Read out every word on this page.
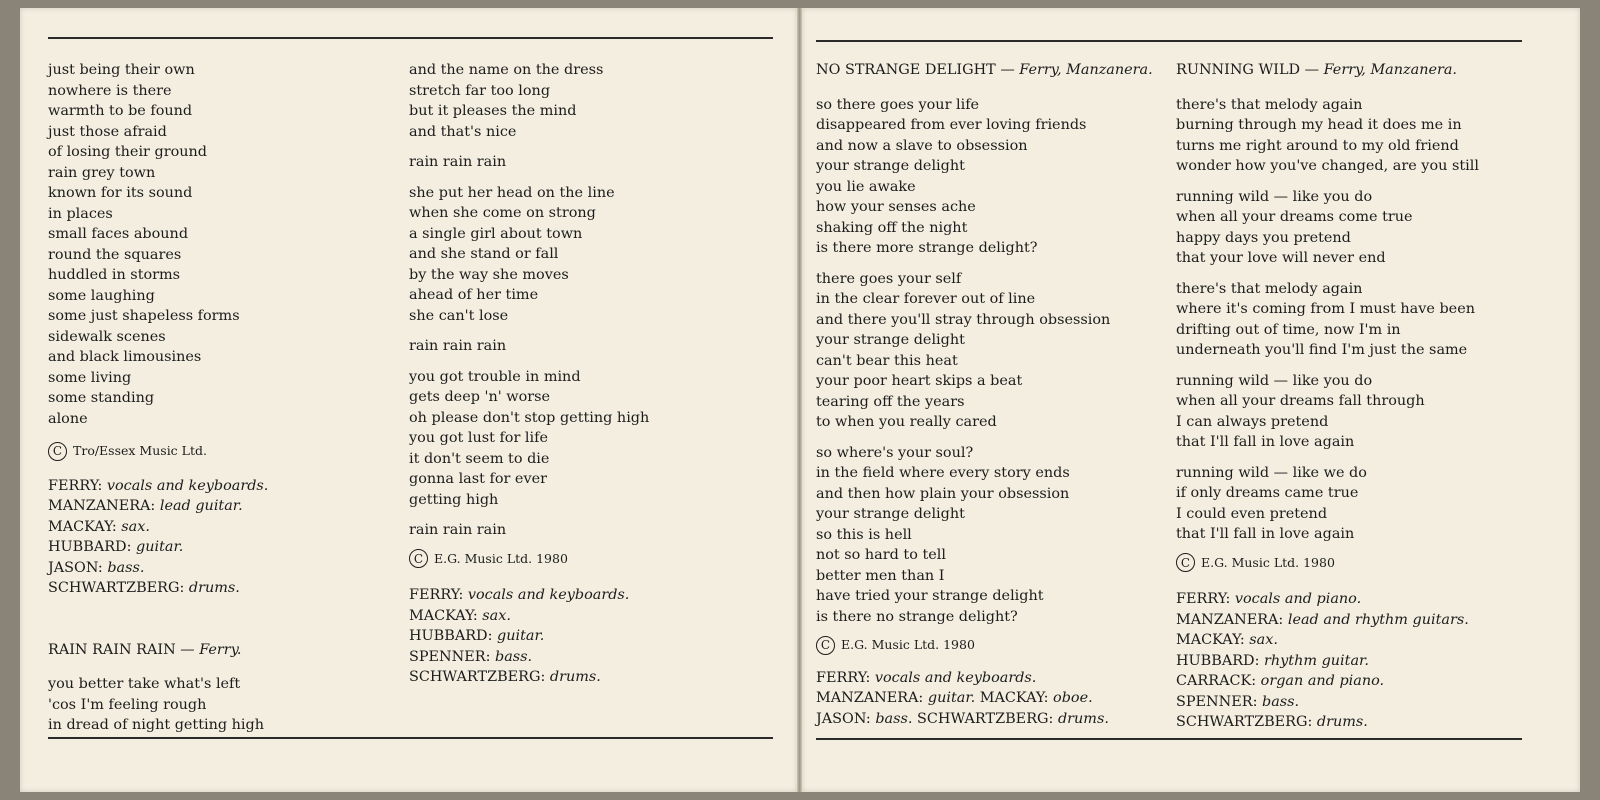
just being their own
nowhere is there
warmth to be found
just those afraid
of losing their ground
rain grey town
known for its sound
in places
small faces abound
round the squares
huddled in storms
some laughing
some just shapeless forms
sidewalk scenes
and black limousines
some living
some standing
alone
C Tro/Essex Music Ltd.
FERRY: vocals and keyboards.
MANZANERA: lead guitar.
MACKAY: sax.
HUBBARD: guitar.
JASON: bass.
SCHWARTZBERG: drums.
RAIN RAIN RAIN — Ferry.
you better take what's left
'cos I'm feeling rough
in dread of night getting high
and the name on the dress
stretch far too long
but it pleases the mind
and that's nice
rain rain rain
she put her head on the line
when she come on strong
a single girl about town
and she stand or fall
by the way she moves
ahead of her time
she can't lose
rain rain rain
you got trouble in mind
gets deep 'n' worse
oh please don't stop getting high
you got lust for life
it don't seem to die
gonna last for ever
getting high
rain rain rain
C E.G. Music Ltd. 1980
FERRY: vocals and keyboards.
MACKAY: sax.
HUBBARD: guitar.
SPENNER: bass.
SCHWARTZBERG: drums.
NO STRANGE DELIGHT — Ferry, Manzanera.
so there goes your life
disappeared from ever loving friends
and now a slave to obsession
your strange delight
you lie awake
how your senses ache
shaking off the night
is there more strange delight?
there goes your self
in the clear forever out of line
and there you'll stray through obsession
your strange delight
can't bear this heat
your poor heart skips a beat
tearing off the years
to when you really cared
so where's your soul?
in the field where every story ends
and then how plain your obsession
your strange delight
so this is hell
not so hard to tell
better men than I
have tried your strange delight
is there no strange delight?
C E.G. Music Ltd. 1980
FERRY: vocals and keyboards.
MANZANERA: guitar. MACKAY: oboe.
JASON: bass. SCHWARTZBERG: drums.
RUNNING WILD — Ferry, Manzanera.
there's that melody again
burning through my head it does me in
turns me right around to my old friend
wonder how you've changed, are you still
running wild — like you do
when all your dreams come true
happy days you pretend
that your love will never end
there's that melody again
where it's coming from I must have been
drifting out of time, now I'm in
underneath you'll find I'm just the same
running wild — like you do
when all your dreams fall through
I can always pretend
that I'll fall in love again
running wild — like we do
if only dreams came true
I could even pretend
that I'll fall in love again
C E.G. Music Ltd. 1980
FERRY: vocals and piano.
MANZANERA: lead and rhythm guitars.
MACKAY: sax.
HUBBARD: rhythm guitar.
CARRACK: organ and piano.
SPENNER: bass.
SCHWARTZBERG: drums.
